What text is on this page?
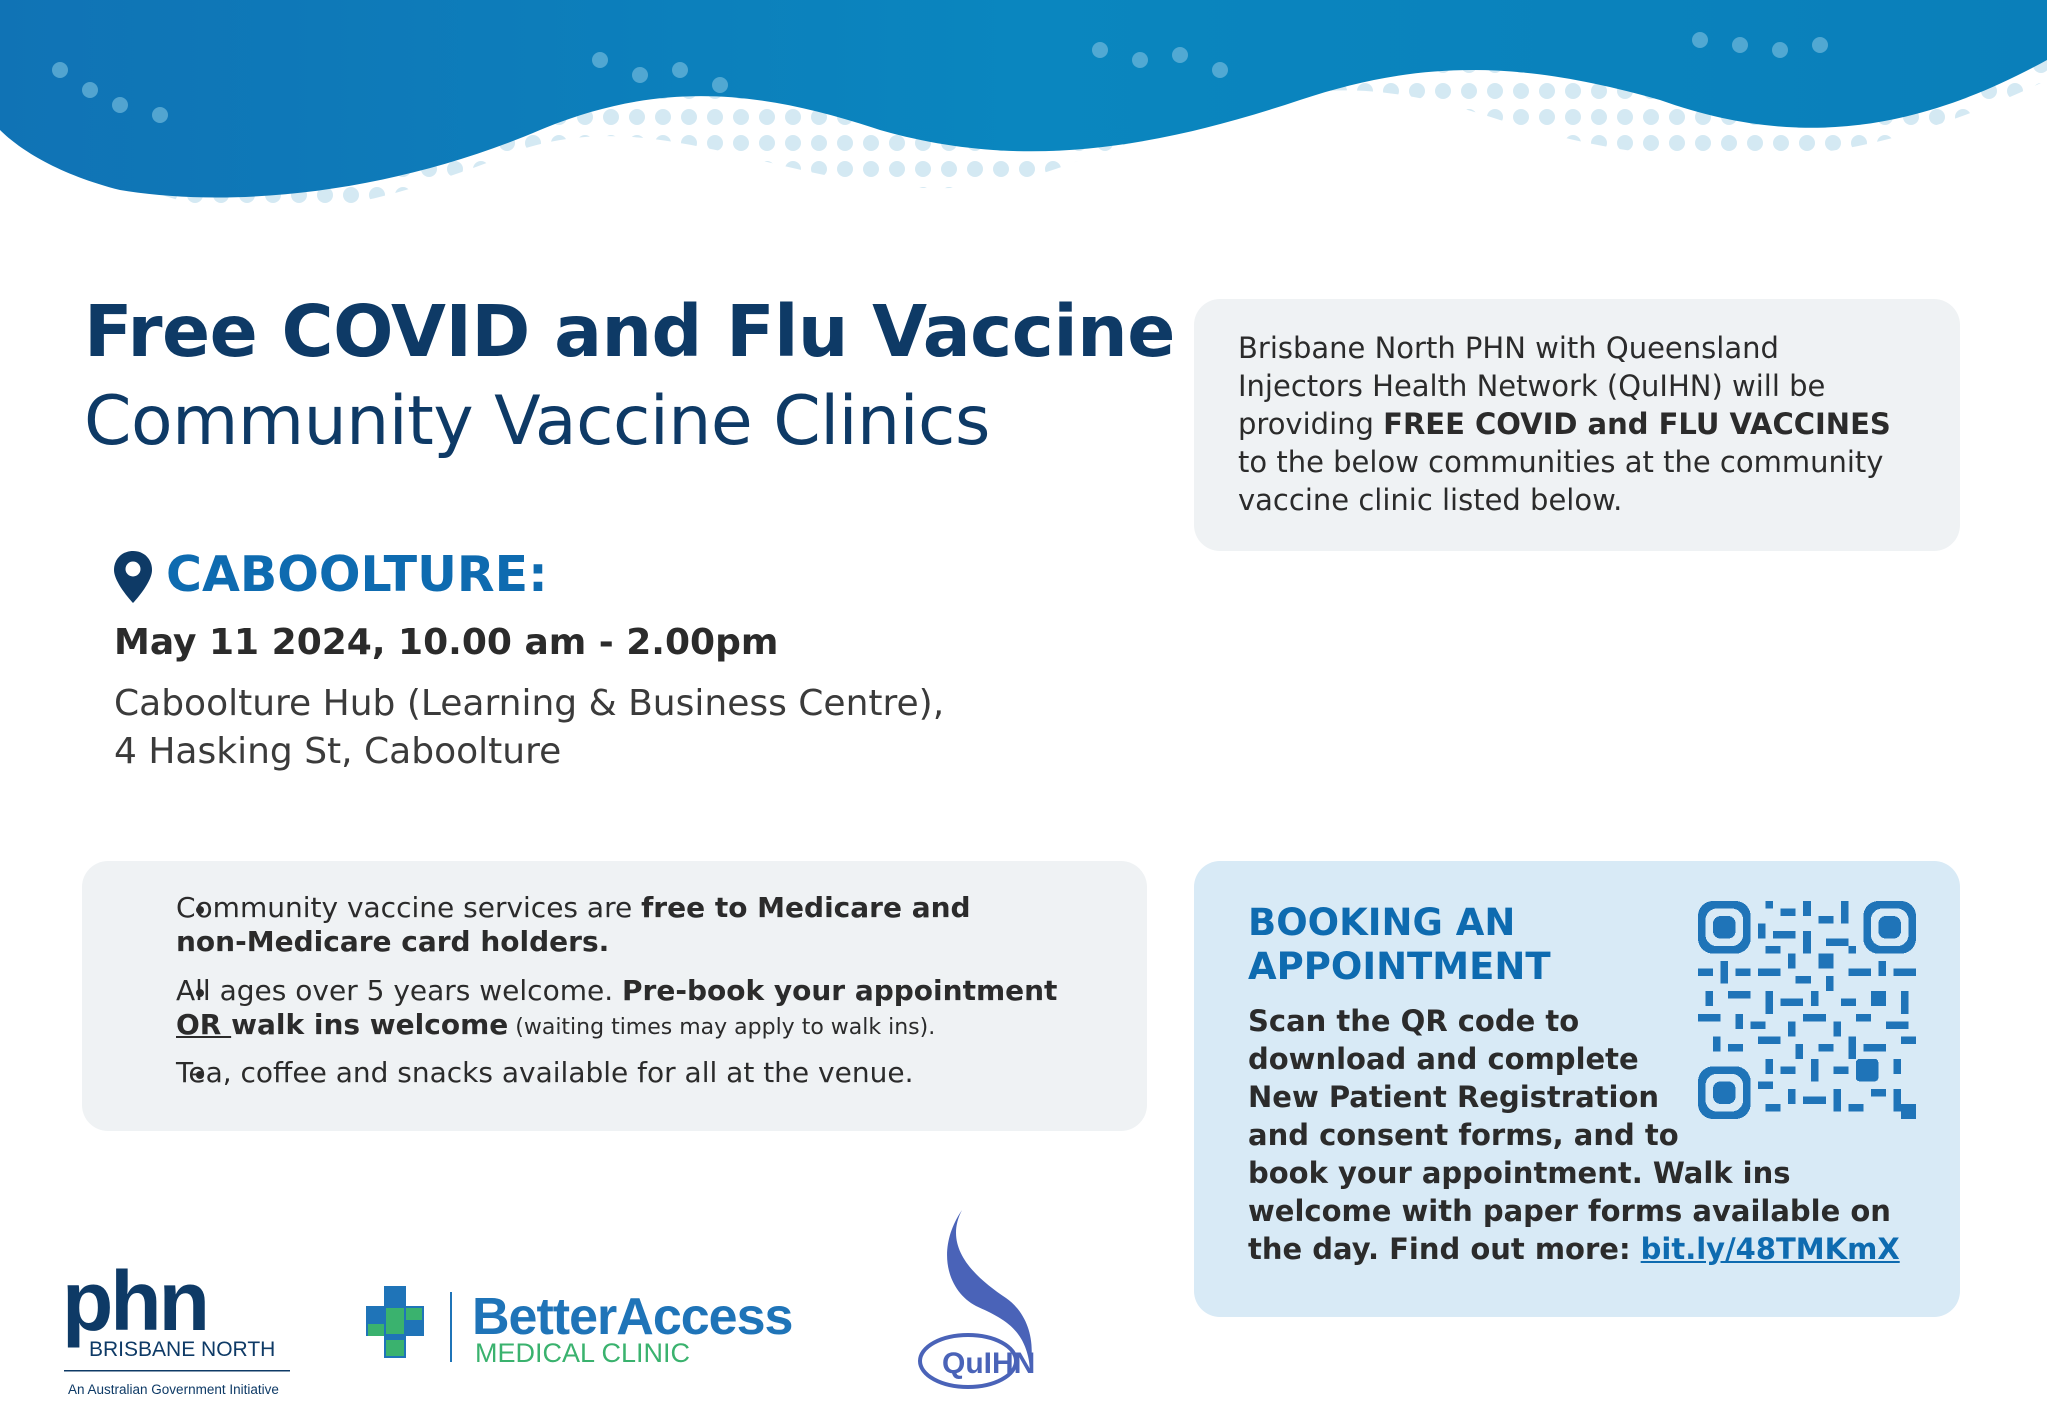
Free COVID and Flu Vaccine
Community Vaccine Clinics
Brisbane North PHN with Queensland
Injectors Health Network (QuIHN) will be
providing FREE COVID and FLU VACCINES
to the below communities at the community
vaccine clinic listed below.
CABOOLTURE:
May 11 2024, 10.00 am - 2.00pm
Caboolture Hub (Learning & Business Centre),
4 Hasking St, Caboolture
Community vaccine services are free to Medicare and
non-Medicare card holders.
All ages over 5 years welcome. Pre-book your appointment
OR walk ins welcome (waiting times may apply to walk ins).
Tea, coffee and snacks available for all at the venue.
BOOKING AN
APPOINTMENT
Scan the QR code to
download and complete
New Patient Registration
and consent forms, and to
book your appointment. Walk ins
welcome with paper forms available on
the day. Find out more: bit.ly/48TMKmX
phn
BRISBANE NORTH
An Australian Government Initiative
BetterAccess
MEDICAL CLINIC	QuIHN
